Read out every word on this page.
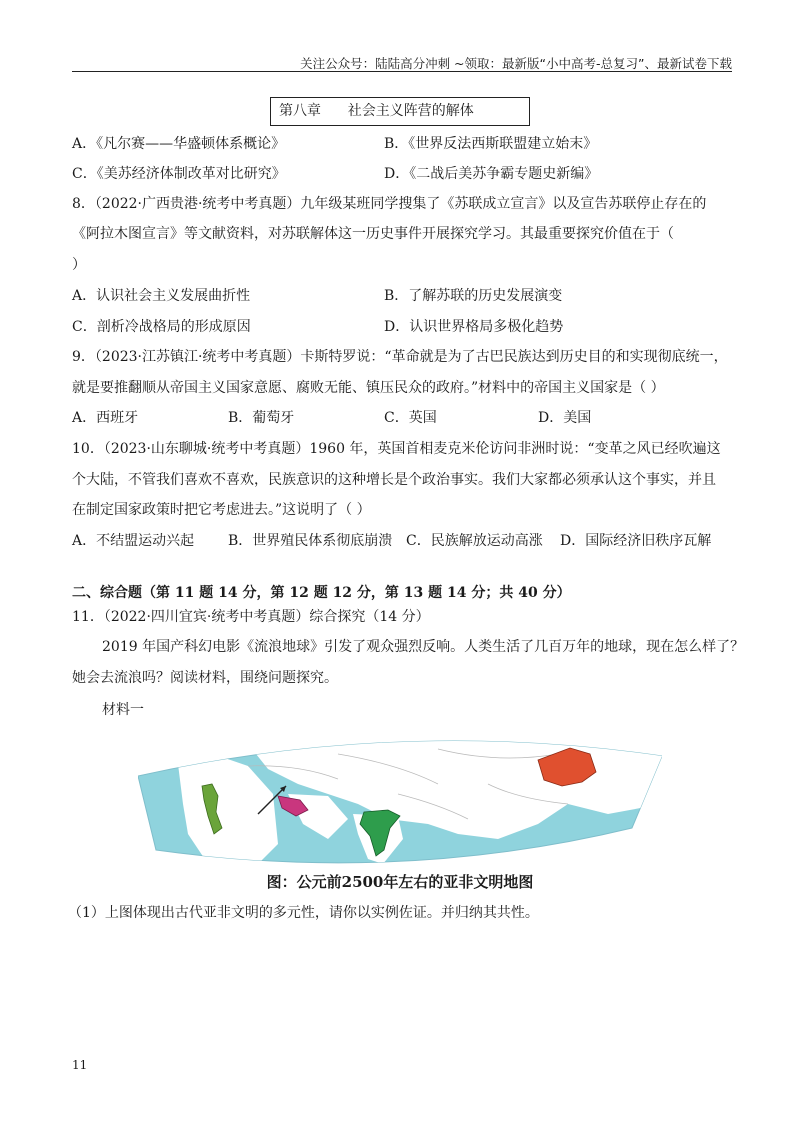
关注公众号：陆陆高分冲刺 ~领取：最新版“小中高考-总复习”、最新试卷下载
第八章      社会主义阵营的解体
A．《凡尔赛——华盛顿体系概论》	B．《世界反法西斯联盟建立始末》
C．《美苏经济体制改革对比研究》	D．《二战后美苏争霸专题史新编》
8．（2022·广西贵港·统考中考真题）九年级某班同学搜集了《苏联成立宣言》以及宣告苏联停止存在的
《阿拉木图宣言》等文献资料，对苏联解体这一历史事件开展探究学习。其最重要探究价值在于（
）
A．认识社会主义发展曲折性	B．了解苏联的历史发展演变
C．剖析冷战格局的形成原因	D．认识世界格局多极化趋势
9．（2023·江苏镇江·统考中考真题）卡斯特罗说：“革命就是为了古巴民族达到历史目的和实现彻底统一，
就是要推翻顺从帝国主义国家意愿、腐败无能、镇压民众的政府。”材料中的帝国主义国家是（ ）
A．西班牙	B．葡萄牙	C．英国	D．美国
10．（2023·山东聊城·统考中考真题）1960 年，英国首相麦克米伦访问非洲时说：“变革之风已经吹遍这
个大陆，不管我们喜欢不喜欢，民族意识的这种增长是个政治事实。我们大家都必须承认这个事实，并且
在制定国家政策时把它考虑进去。”这说明了（ ）
A．不结盟运动兴起 B．世界殖民体系彻底崩溃 C．民族解放运动高涨 D．国际经济旧秩序瓦解
二、综合题（第 11 题 14 分，第 12 题 12 分，第 13 题 14 分；共 40 分）
11．（2022·四川宜宾·统考中考真题）综合探究（14 分）
2019 年国产科幻电影《流浪地球》引发了观众强烈反响。人类生活了几百万年的地球，现在怎么样了？
她会去流浪吗？阅读材料，围绕问题探究。
材料一
图：公元前2500年左右的亚非文明地图
（1）上图体现出古代亚非文明的多元性，请你以实例佐证。并归纳其共性。
11
